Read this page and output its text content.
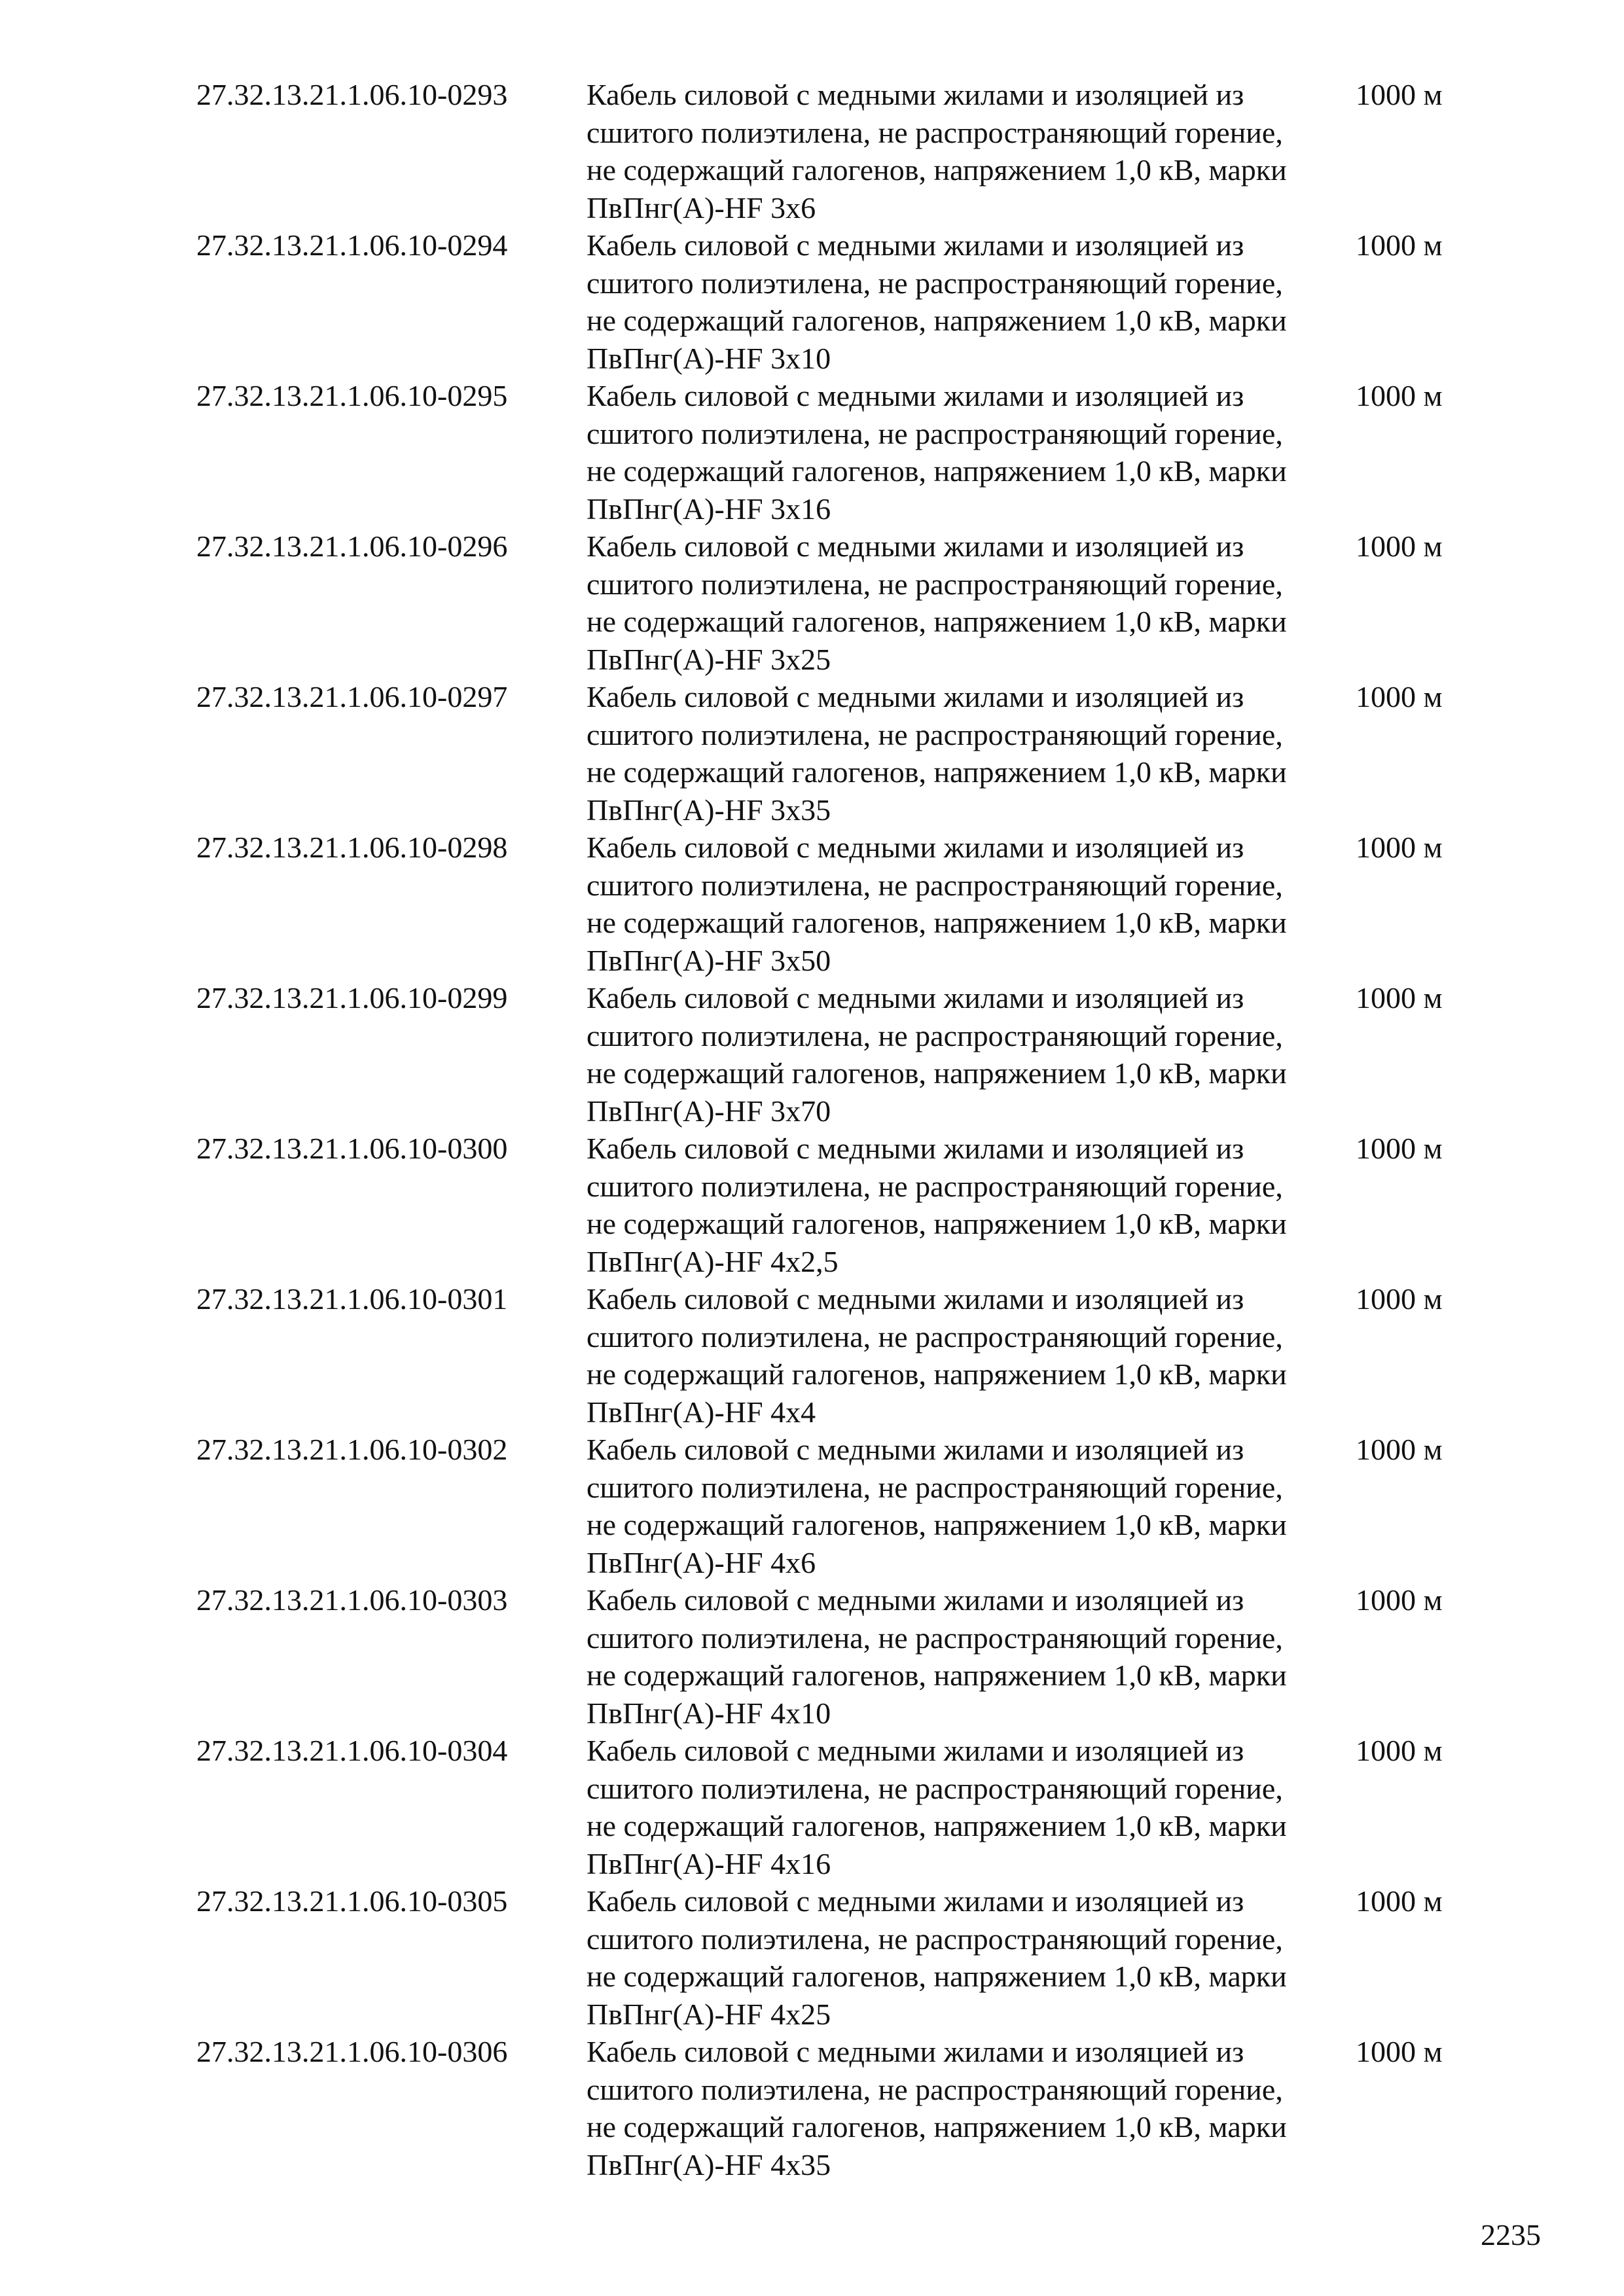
27.32.13.21.1.06.10-0293	Кабель силовой с медными жилами и изоляцией из
сшитого полиэтилена, не распространяющий горение,
не содержащий галогенов, напряжением 1,0 кВ, марки
ПвПнг(А)-HF 3х6
1000 м
27.32.13.21.1.06.10-0294	Кабель силовой с медными жилами и изоляцией из
сшитого полиэтилена, не распространяющий горение,
не содержащий галогенов, напряжением 1,0 кВ, марки
ПвПнг(А)-HF 3х10
1000 м
27.32.13.21.1.06.10-0295	Кабель силовой с медными жилами и изоляцией из
сшитого полиэтилена, не распространяющий горение,
не содержащий галогенов, напряжением 1,0 кВ, марки
ПвПнг(А)-HF 3х16
1000 м
27.32.13.21.1.06.10-0296	Кабель силовой с медными жилами и изоляцией из
сшитого полиэтилена, не распространяющий горение,
не содержащий галогенов, напряжением 1,0 кВ, марки
ПвПнг(А)-HF 3х25
1000 м
27.32.13.21.1.06.10-0297	Кабель силовой с медными жилами и изоляцией из
сшитого полиэтилена, не распространяющий горение,
не содержащий галогенов, напряжением 1,0 кВ, марки
ПвПнг(А)-HF 3х35
1000 м
27.32.13.21.1.06.10-0298	Кабель силовой с медными жилами и изоляцией из
сшитого полиэтилена, не распространяющий горение,
не содержащий галогенов, напряжением 1,0 кВ, марки
ПвПнг(А)-HF 3х50
1000 м
27.32.13.21.1.06.10-0299	Кабель силовой с медными жилами и изоляцией из
сшитого полиэтилена, не распространяющий горение,
не содержащий галогенов, напряжением 1,0 кВ, марки
ПвПнг(А)-HF 3х70
1000 м
27.32.13.21.1.06.10-0300	Кабель силовой с медными жилами и изоляцией из
сшитого полиэтилена, не распространяющий горение,
не содержащий галогенов, напряжением 1,0 кВ, марки
ПвПнг(А)-HF 4х2,5
1000 м
27.32.13.21.1.06.10-0301	Кабель силовой с медными жилами и изоляцией из
сшитого полиэтилена, не распространяющий горение,
не содержащий галогенов, напряжением 1,0 кВ, марки
ПвПнг(А)-HF 4х4
1000 м
27.32.13.21.1.06.10-0302	Кабель силовой с медными жилами и изоляцией из
сшитого полиэтилена, не распространяющий горение,
не содержащий галогенов, напряжением 1,0 кВ, марки
ПвПнг(А)-HF 4х6
1000 м
27.32.13.21.1.06.10-0303	Кабель силовой с медными жилами и изоляцией из
сшитого полиэтилена, не распространяющий горение,
не содержащий галогенов, напряжением 1,0 кВ, марки
ПвПнг(А)-HF 4х10
1000 м
27.32.13.21.1.06.10-0304	Кабель силовой с медными жилами и изоляцией из
сшитого полиэтилена, не распространяющий горение,
не содержащий галогенов, напряжением 1,0 кВ, марки
ПвПнг(А)-HF 4х16
1000 м
27.32.13.21.1.06.10-0305	Кабель силовой с медными жилами и изоляцией из
сшитого полиэтилена, не распространяющий горение,
не содержащий галогенов, напряжением 1,0 кВ, марки
ПвПнг(А)-HF 4х25
1000 м
27.32.13.21.1.06.10-0306	Кабель силовой с медными жилами и изоляцией из
сшитого полиэтилена, не распространяющий горение,
не содержащий галогенов, напряжением 1,0 кВ, марки
ПвПнг(А)-HF 4х35
1000 м
2235
